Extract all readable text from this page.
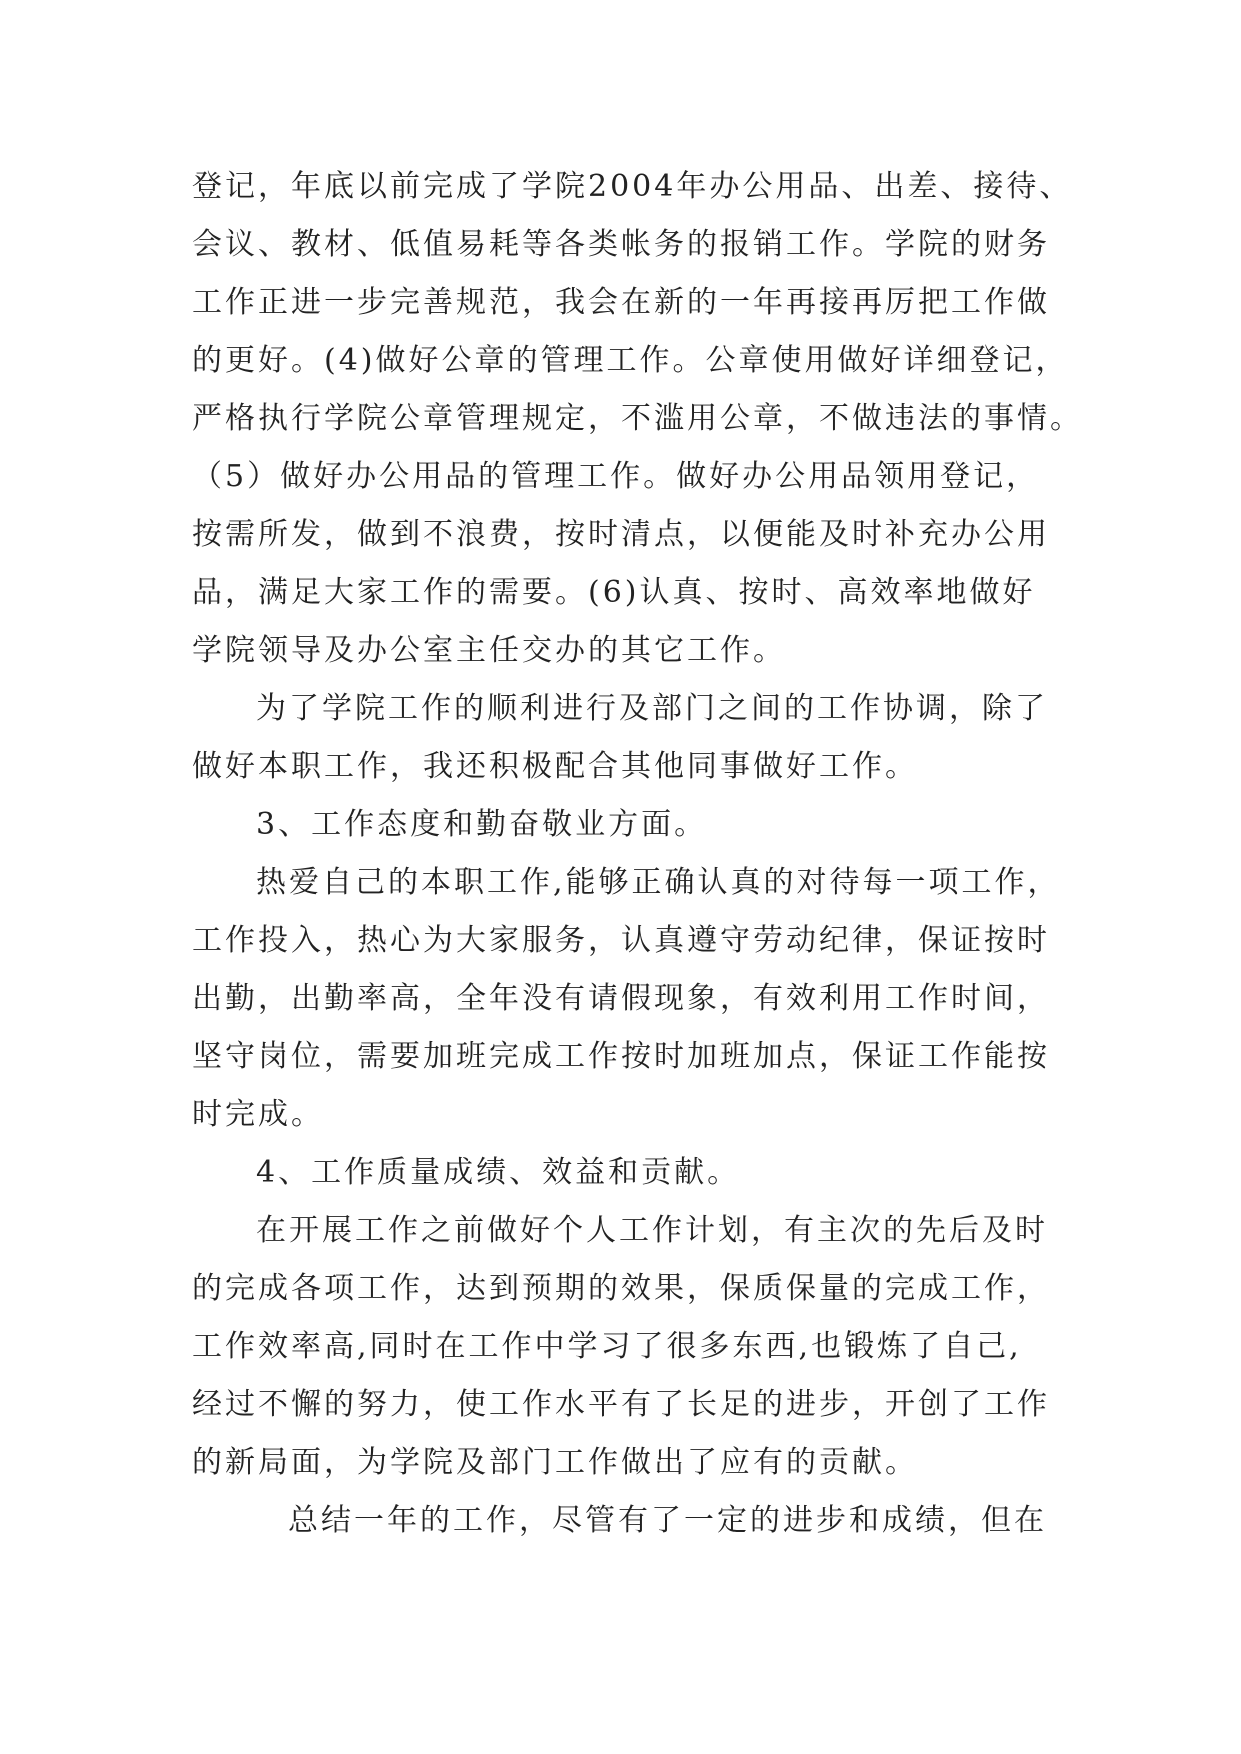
登记，年底以前完成了学院2004年办公用品、出差、接待、
会议、教材、低值易耗等各类帐务的报销工作。学院的财务
工作正进一步完善规范，我会在新的一年再接再厉把工作做
的更好。(4)做好公章的管理工作。公章使用做好详细登记，
严格执行学院公章管理规定，不滥用公章，不做违法的事情。
（5）做好办公用品的管理工作。做好办公用品领用登记，
按需所发，做到不浪费，按时清点，以便能及时补充办公用
品，满足大家工作的需要。(6)认真、按时、高效率地做好
学院领导及办公室主任交办的其它工作。
为了学院工作的顺利进行及部门之间的工作协调，除了
做好本职工作，我还积极配合其他同事做好工作。
3、工作态度和勤奋敬业方面。
热爱自己的本职工作,能够正确认真的对待每一项工作，
工作投入，热心为大家服务，认真遵守劳动纪律，保证按时
出勤，出勤率高，全年没有请假现象，有效利用工作时间，
坚守岗位，需要加班完成工作按时加班加点，保证工作能按
时完成。
4、工作质量成绩、效益和贡献。
在开展工作之前做好个人工作计划，有主次的先后及时
的完成各项工作，达到预期的效果，保质保量的完成工作，
工作效率高,同时在工作中学习了很多东西,也锻炼了自己,
经过不懈的努力，使工作水平有了长足的进步，开创了工作
的新局面，为学院及部门工作做出了应有的贡献。
总结一年的工作，尽管有了一定的进步和成绩，但在
